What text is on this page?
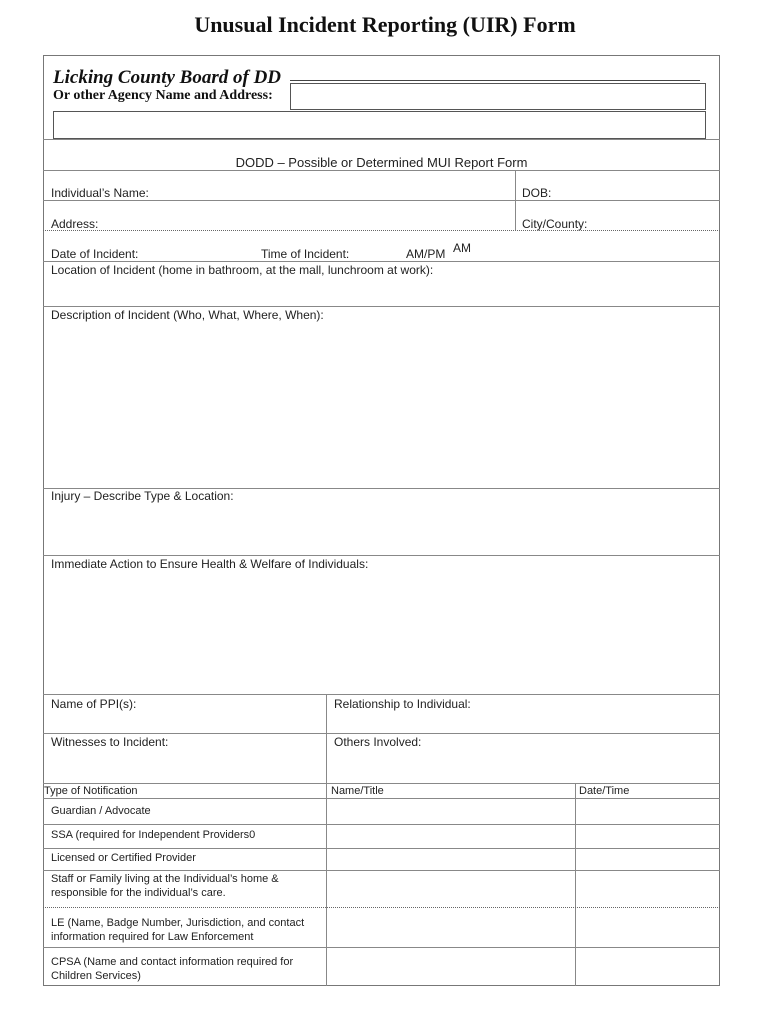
Unusual Incident Reporting (UIR) Form
Licking County Board of DD
Or other Agency Name and Address:
DODD – Possible or Determined MUI Report Form
Individual’s Name:	DOB:
Address:	City/County:
Date of Incident:	Time of Incident:	AM/PM AM
Location of Incident (home in bathroom, at the mall, lunchroom at work):
Description of Incident (Who, What, Where, When):
Injury – Describe Type & Location:
Immediate Action to Ensure Health & Welfare of Individuals:
Name of PPI(s):	Relationship to Individual:
Witnesses to Incident:	Others Involved:
Type of Notification	Name/Title	Date/Time
Guardian / Advocate
SSA (required for Independent Providers0
Licensed or Certified Provider
Staff or Family living at the Individual’s home & responsible for the individual’s care.
LE (Name, Badge Number, Jurisdiction, and contact information required for Law Enforcement
CPSA (Name and contact information required for Children Services)
